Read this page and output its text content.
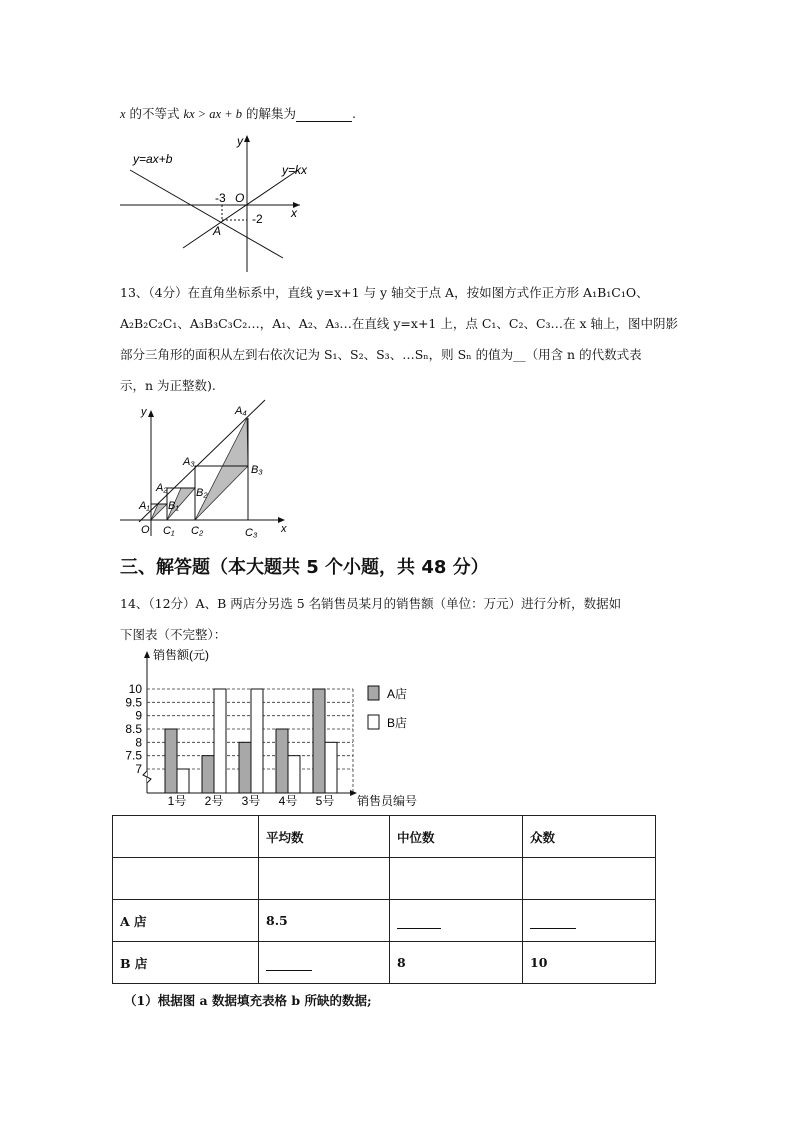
x 的不等式 kx > ax + b 的解集为	.
y
x
O
y=ax+b
y=kx
-3
-2
A
13、（4分）在直角坐标系中，直线 y=x+1 与 y 轴交于点 A，按如图方式作正方形 A₁B₁C₁O、
A₂B₂C₂C₁、A₃B₃C₃C₂…，A₁、A₂、A₃…在直线 y=x+1 上，点 C₁、C₂、C₃…在 x 轴上，图中阴影
部分三角形的面积从左到右依次记为 S₁、S₂、S₃、…Sₙ，则 Sₙ 的值为__（用含 n 的代数式表
示，n 为正整数).
y
x
O
A₁
A₂
A₃
A₄
B₁
B₂
B₃
C₁ C₂	C₃
三、解答题（本大题共 5 个小题，共 48 分）
14、（12分）A、B 两店分另选 5 名销售员某月的销售额（单位：万元）进行分析，数据如
下图表（不完整）：
销售额(元)
销售员编号
1号 2号 3号 4号 5号
7
7.5
8
8.5
9
9.5
10	A店
B店
	平均数	中位数	众数

A 店	8.5		
B 店		8	10
（1）根据图 a 数据填充表格 b 所缺的数据;
